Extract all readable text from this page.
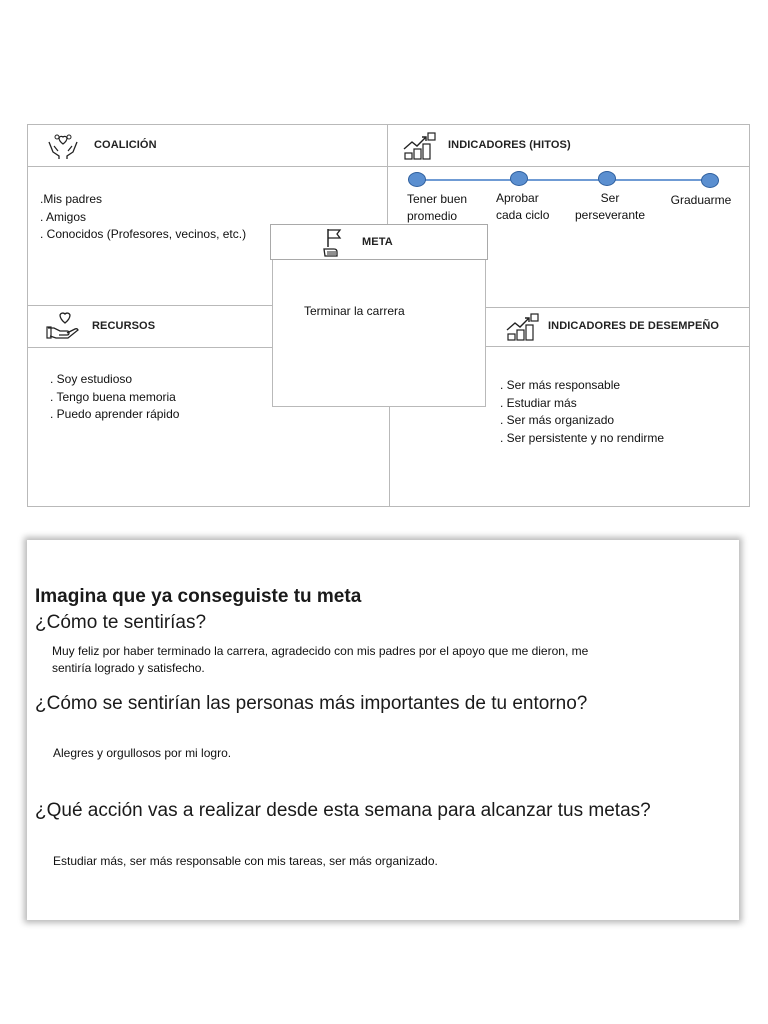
COALICIÓN
.Mis padres
. Amigos
. Conocidos (Profesores, vecinos, etc.)
INDICADORES (HITOS)
Tener buen
promedio
Aprobar
cada ciclo
Ser
perseverante
Graduarme
RECURSOS
. Soy estudioso
. Tengo buena memoria
. Puedo aprender rápido
INDICADORES DE DESEMPEÑO
. Ser más responsable
. Estudiar más
. Ser más organizado
. Ser persistente y no rendirme
META
Terminar la carrera
Imagina que ya conseguiste tu meta
¿Cómo te sentirías?
Muy feliz por haber terminado la carrera, agradecido con mis padres por el apoyo que me dieron, me
sentiría logrado y satisfecho.
¿Cómo se sentirían las personas más importantes de tu entorno?
Alegres y orgullosos por mi logro.
¿Qué acción vas a realizar desde esta semana para alcanzar tus metas?
Estudiar más, ser más responsable con mis tareas, ser más organizado.
